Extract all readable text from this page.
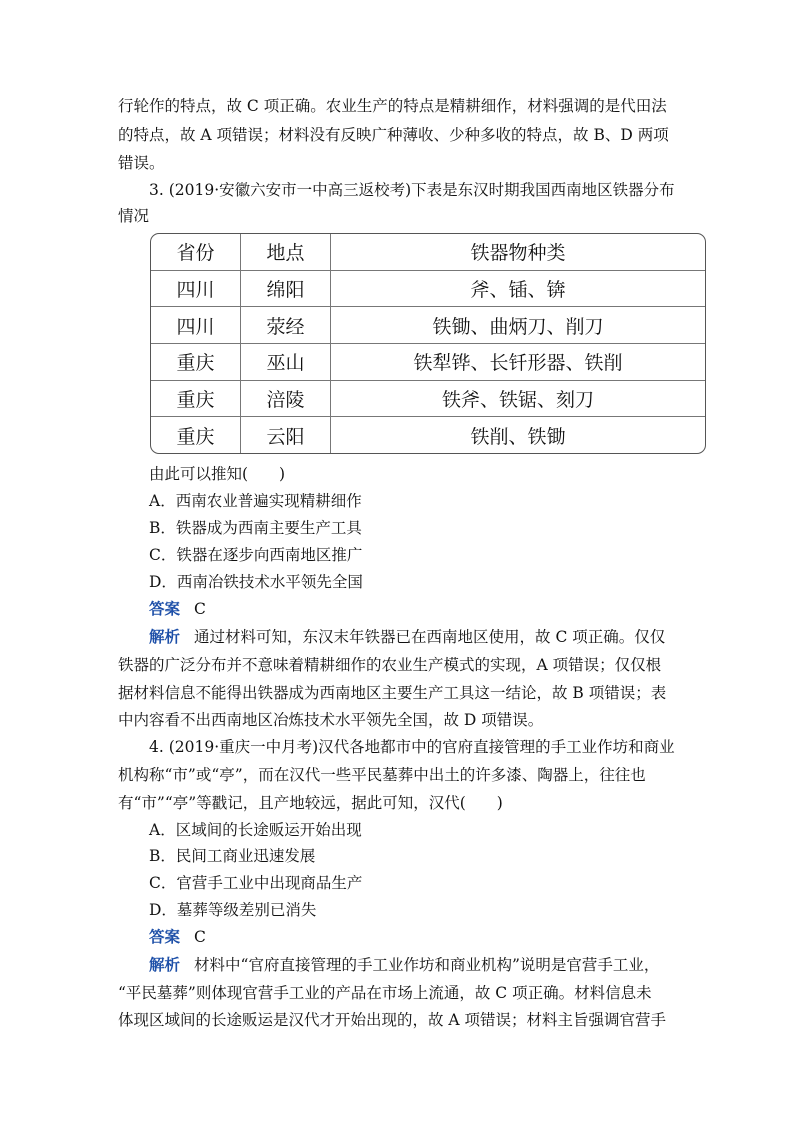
行轮作的特点，故 C 项正确。农业生产的特点是精耕细作，材料强调的是代田法
的特点，故 A 项错误；材料没有反映广种薄收、少种多收的特点，故 B、D 两项
错误。
3. (2019·安徽六安市一中高三返校考)下表是东汉时期我国西南地区铁器分布
情况
省份	地点	铁器物种类
四川	绵阳	斧、锸、锛
四川	荥经	铁锄、曲炳刀、削刀
重庆	巫山	铁犁铧、长钎形器、铁削
重庆	涪陵	铁斧、铁锯、刻刀
重庆	云阳	铁削、铁锄
由此可以推知(　　)
A．西南农业普遍实现精耕细作
B．铁器成为西南主要生产工具
C．铁器在逐步向西南地区推广
D．西南冶铁技术水平领先全国
答案 C
解析 通过材料可知，东汉末年铁器已在西南地区使用，故 C 项正确。仅仅
铁器的广泛分布并不意味着精耕细作的农业生产模式的实现，A 项错误；仅仅根
据材料信息不能得出铁器成为西南地区主要生产工具这一结论，故 B 项错误；表
中内容看不出西南地区冶炼技术水平领先全国，故 D 项错误。
4. (2019·重庆一中月考)汉代各地都市中的官府直接管理的手工业作坊和商业
机构称“市”或“亭”，而在汉代一些平民墓葬中出土的许多漆、陶器上，往往也
有“市”“亭”等戳记，且产地较远，据此可知，汉代(　　)
A．区域间的长途贩运开始出现
B．民间工商业迅速发展
C．官营手工业中出现商品生产
D．墓葬等级差别已消失
答案 C
解析 材料中“官府直接管理的手工业作坊和商业机构”说明是官营手工业，
“平民墓葬”则体现官营手工业的产品在市场上流通，故 C 项正确。材料信息未
体现区域间的长途贩运是汉代才开始出现的，故 A 项错误；材料主旨强调官营手
